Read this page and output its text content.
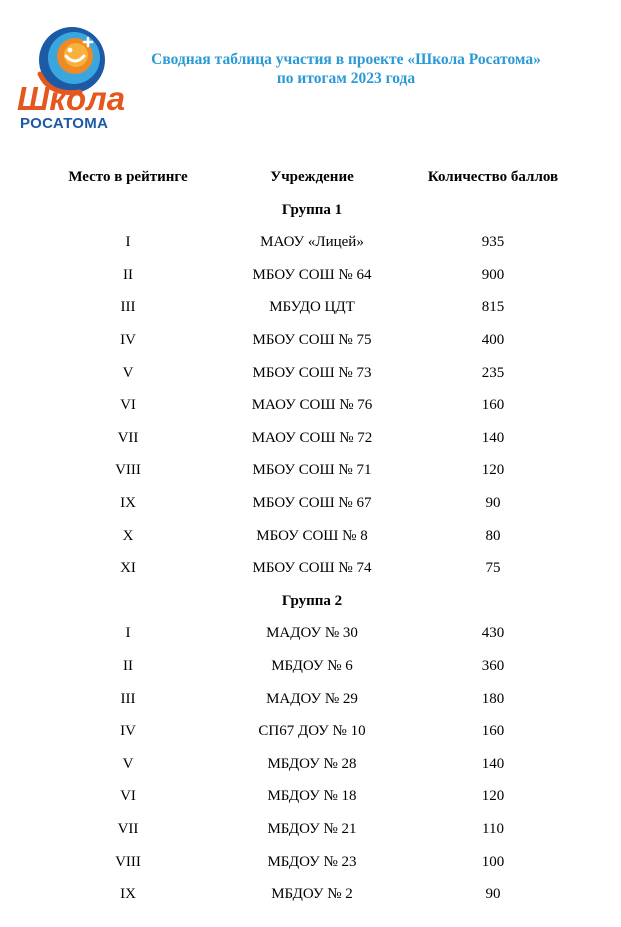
Школа
РОСАТОМА
Сводная таблица участия в проекте «Школа Росатома»
по итогам 2023 года
Место в рейтинге	Учреждение	Количество баллов
Группа 1
I	МАОУ «Лицей»	935
II	МБОУ СОШ № 64	900
III	МБУДО ЦДТ	815
IV	МБОУ СОШ № 75	400
V	МБОУ СОШ № 73	235
VI	МАОУ СОШ № 76	160
VII	МАОУ СОШ № 72	140
VIII	МБОУ СОШ № 71	120
IX	МБОУ СОШ № 67	90
X	МБОУ СОШ № 8	80
XI	МБОУ СОШ № 74	75
Группа 2
I	МАДОУ № 30	430
II	МБДОУ № 6	360
III	МАДОУ № 29	180
IV	СП67 ДОУ № 10	160
V	МБДОУ № 28	140
VI	МБДОУ № 18	120
VII	МБДОУ № 21	110
VIII	МБДОУ № 23	100
IX	МБДОУ № 2	90
